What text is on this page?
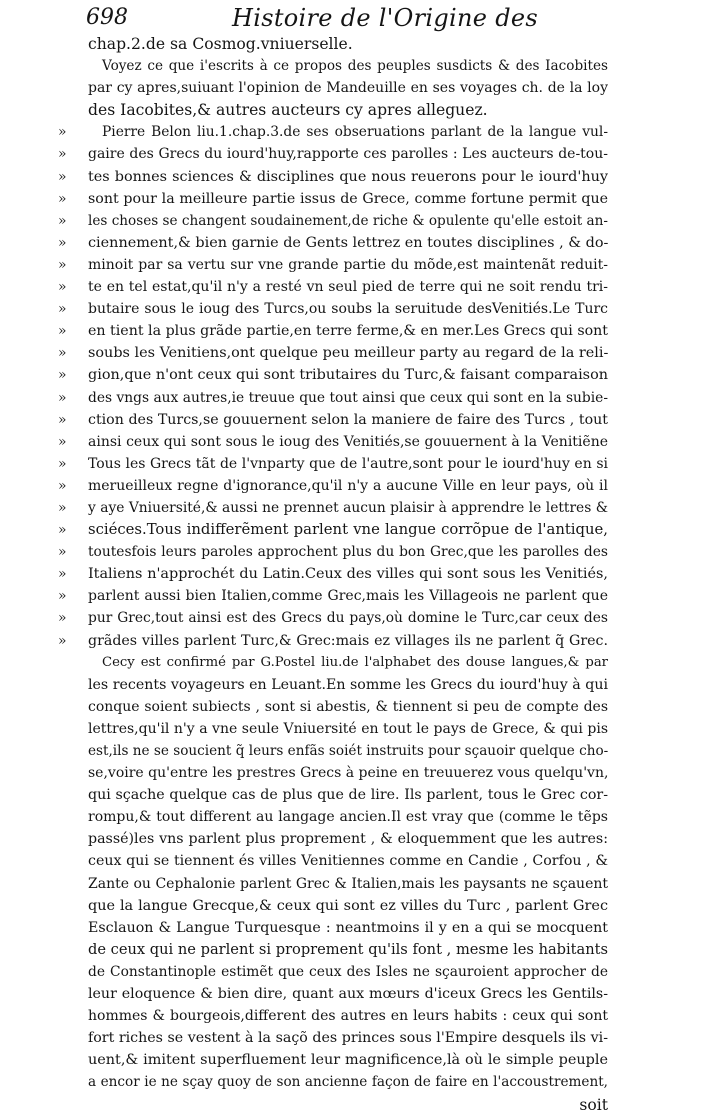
698	Histoire de l'Origine des
chap.2.de sa Cosmog.vniuerselle.
Voyez ce que i'escrits à ce propos des peuples susdicts & des Iacobites
par cy apres,suiuant l'opinion de Mandeuille en ses voyages ch. de la loy
des Iacobites,& autres aucteurs cy apres alleguez.
»	Pierre Belon liu.1.chap.3.de ses obseruations parlant de la langue vul-
» gaire des Grecs du iourd'huy,rapporte ces parolles : Les aucteurs de-tou-
» tes bonnes sciences & disciplines que nous reuerons pour le iourd'huy
» sont pour la meilleure partie issus de Grece, comme fortune permit que
» les choses se changent soudainement,de riche & opulente qu'elle estoit an-
» ciennement,& bien garnie de Gents lettrez en toutes disciplines , & do-
» minoit par sa vertu sur vne grande partie du mõde,est maintenãt reduit-
» te en tel estat,qu'il n'y a resté vn seul pied de terre qui ne soit rendu tri-
» butaire sous le ioug des Turcs,ou soubs la seruitude desVenitiés.Le Turc
» en tient la plus grãde partie,en terre ferme,& en mer.Les Grecs qui sont
» soubs les Venitiens,ont quelque peu meilleur party au regard de la reli-
» gion,que n'ont ceux qui sont tributaires du Turc,& faisant comparaison
» des vngs aux autres,ie treuue que tout ainsi que ceux qui sont en la subie-
» ction des Turcs,se gouuernent selon la maniere de faire des Turcs , tout
» ainsi ceux qui sont sous le ioug des Venitiés,se gouuernent à la Venitiẽne
» Tous les Grecs tãt de l'vnparty que de l'autre,sont pour le iourd'huy en si
» merueilleux regne d'ignorance,qu'il n'y a aucune Ville en leur pays, où il
» y aye Vniuersité,& aussi ne prennet aucun plaisir à apprendre le lettres &
» sciéces.Tous indifferẽment parlent vne langue corrõpue de l'antique,
» toutesfois leurs paroles approchent plus du bon Grec,que les parolles des
» Italiens n'approchét du Latin.Ceux des villes qui sont sous les Venitiés,
» parlent aussi bien Italien,comme Grec,mais les Villageois ne parlent que
» pur Grec,tout ainsi est des Grecs du pays,où domine le Turc,car ceux des
» grãdes villes parlent Turc,& Grec:mais ez villages ils ne parlent q̃ Grec.
Cecy est confirmé par G.Postel liu.de l'alphabet des douse langues,& par
les recents voyageurs en Leuant.En somme les Grecs du iourd'huy à qui
conque soient subiects , sont si abestis, & tiennent si peu de compte des
lettres,qu'il n'y a vne seule Vniuersité en tout le pays de Grece, & qui pis
est,ils ne se soucient q̃ leurs enfãs soiét instruits pour sçauoir quelque cho-
se,voire qu'entre les prestres Grecs à peine en treuuerez vous quelqu'vn,
qui sçache quelque cas de plus que de lire. Ils parlent, tous le Grec cor-
rompu,& tout different au langage ancien.Il est vray que (comme le tẽps
passé)les vns parlent plus proprement , & eloquemment que les autres:
ceux qui se tiennent és villes Venitiennes comme en Candie , Corfou , &
Zante ou Cephalonie parlent Grec & Italien,mais les paysants ne sçauent
que la langue Grecque,& ceux qui sont ez villes du Turc , parlent Grec
Esclauon & Langue Turquesque : neantmoins il y en a qui se mocquent
de ceux qui ne parlent si proprement qu'ils font , mesme les habitants
de Constantinople estimẽt que ceux des Isles ne sçauroient approcher de
leur eloquence & bien dire, quant aux mœurs d'iceux Grecs les Gentils-
hommes & bourgeois,different des autres en leurs habits : ceux qui sont
fort riches se vestent à la saçõ des princes sous l'Empire desquels ils vi-
uent,& imitent superfluement leur magnificence,là où le simple peuple
a encor ie ne sçay quoy de son ancienne façon de faire en l'accoustrement,
soit
